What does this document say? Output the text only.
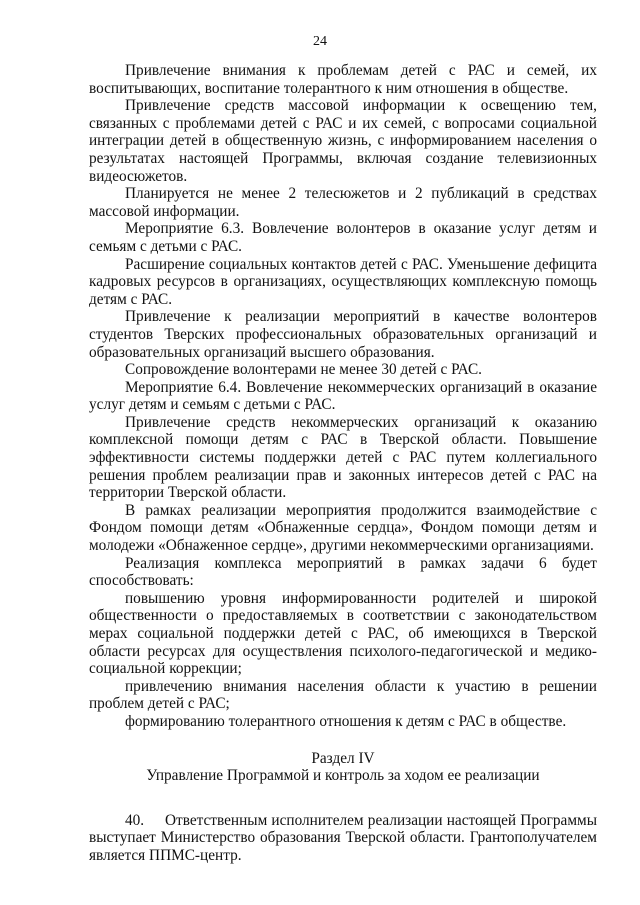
24

Привлечение внимания к проблемам детей с РАС и семей, их воспитывающих, воспитание толерантного к ним отношения в обществе.

Привлечение средств массовой информации к освещению тем, связанных с проблемами детей с РАС и их семей, с вопросами социальной интеграции детей в общественную жизнь, с информированием населения о результатах настоящей Программы, включая создание телевизионных видеосюжетов.

Планируется не менее 2 телесюжетов и 2 публикаций в средствах массовой информации.

Мероприятие 6.3. Вовлечение волонтеров в оказание услуг детям и семьям с детьми с РАС.

Расширение социальных контактов детей с РАС. Уменьшение дефицита кадровых ресурсов в организациях, осуществляющих комплексную помощь детям с РАС.

Привлечение к реализации мероприятий в качестве волонтеров студентов Тверских профессиональных образовательных организаций и образовательных организаций высшего образования.

Сопровождение волонтерами не менее 30 детей с РАС.

Мероприятие 6.4. Вовлечение некоммерческих организаций в оказание услуг детям и семьям с детьми с РАС.

Привлечение средств некоммерческих организаций к оказанию комплексной помощи детям с РАС в Тверской области. Повышение эффективности системы поддержки детей с РАС путем коллегиального решения проблем реализации прав и законных интересов детей с РАС на территории Тверской области.

В рамках реализации мероприятия продолжится взаимодействие с Фондом помощи детям «Обнаженные сердца», Фондом помощи детям и молодежи «Обнаженное сердце», другими некоммерческими организациями.

Реализация комплекса мероприятий в рамках задачи 6 будет способствовать:

повышению уровня информированности родителей и широкой общественности о предоставляемых в соответствии с законодательством мерах социальной поддержки детей с РАС, об имеющихся в Тверской области ресурсах для осуществления психолого-педагогической и медико-социальной коррекции;

привлечению внимания населения области к участию в решении проблем детей с РАС;

формированию толерантного отношения к детям с РАС в обществе.

Раздел IV

Управление Программой и контроль за ходом ее реализации

40.     Ответственным исполнителем реализации настоящей Программы выступает Министерство образования Тверской области. Грантополучателем является ППМС-центр.
